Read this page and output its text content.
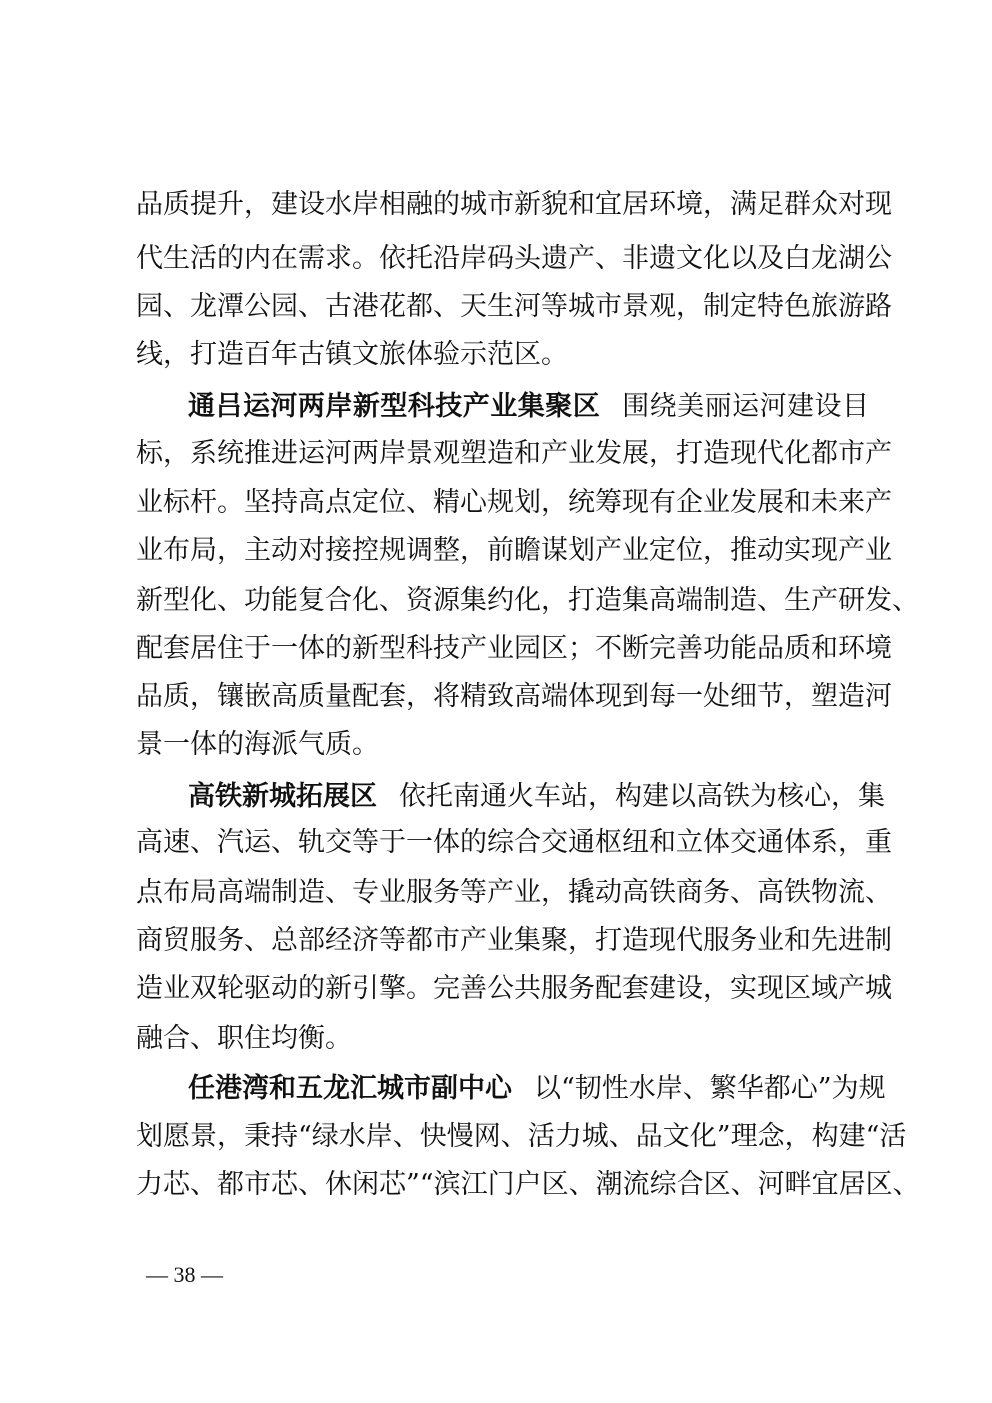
品质提升，建设水岸相融的城市新貌和宜居环境，满足群众对现
代生活的内在需求。依托沿岸码头遗产、非遗文化以及白龙湖公
园、龙潭公园、古港花都、天生河等城市景观，制定特色旅游路
线，打造百年古镇文旅体验示范区。
通吕运河两岸新型科技产业集聚区 围绕美丽运河建设目
标，系统推进运河两岸景观塑造和产业发展，打造现代化都市产
业标杆。坚持高点定位、精心规划，统筹现有企业发展和未来产
业布局，主动对接控规调整，前瞻谋划产业定位，推动实现产业
新型化、功能复合化、资源集约化，打造集高端制造、生产研发、
配套居住于一体的新型科技产业园区；不断完善功能品质和环境
品质，镶嵌高质量配套，将精致高端体现到每一处细节，塑造河
景一体的海派气质。
高铁新城拓展区 依托南通火车站，构建以高铁为核心，集
高速、汽运、轨交等于一体的综合交通枢纽和立体交通体系，重
点布局高端制造、专业服务等产业，撬动高铁商务、高铁物流、
商贸服务、总部经济等都市产业集聚，打造现代服务业和先进制
造业双轮驱动的新引擎。完善公共服务配套建设，实现区域产城
融合、职住均衡。
任港湾和五龙汇城市副中心 以“韧性水岸、繁华都心”为规
划愿景，秉持“绿水岸、快慢网、活力城、品文化”理念，构建“活
力芯、都市芯、休闲芯”“滨江门户区、潮流综合区、河畔宜居区、
— 38 —
